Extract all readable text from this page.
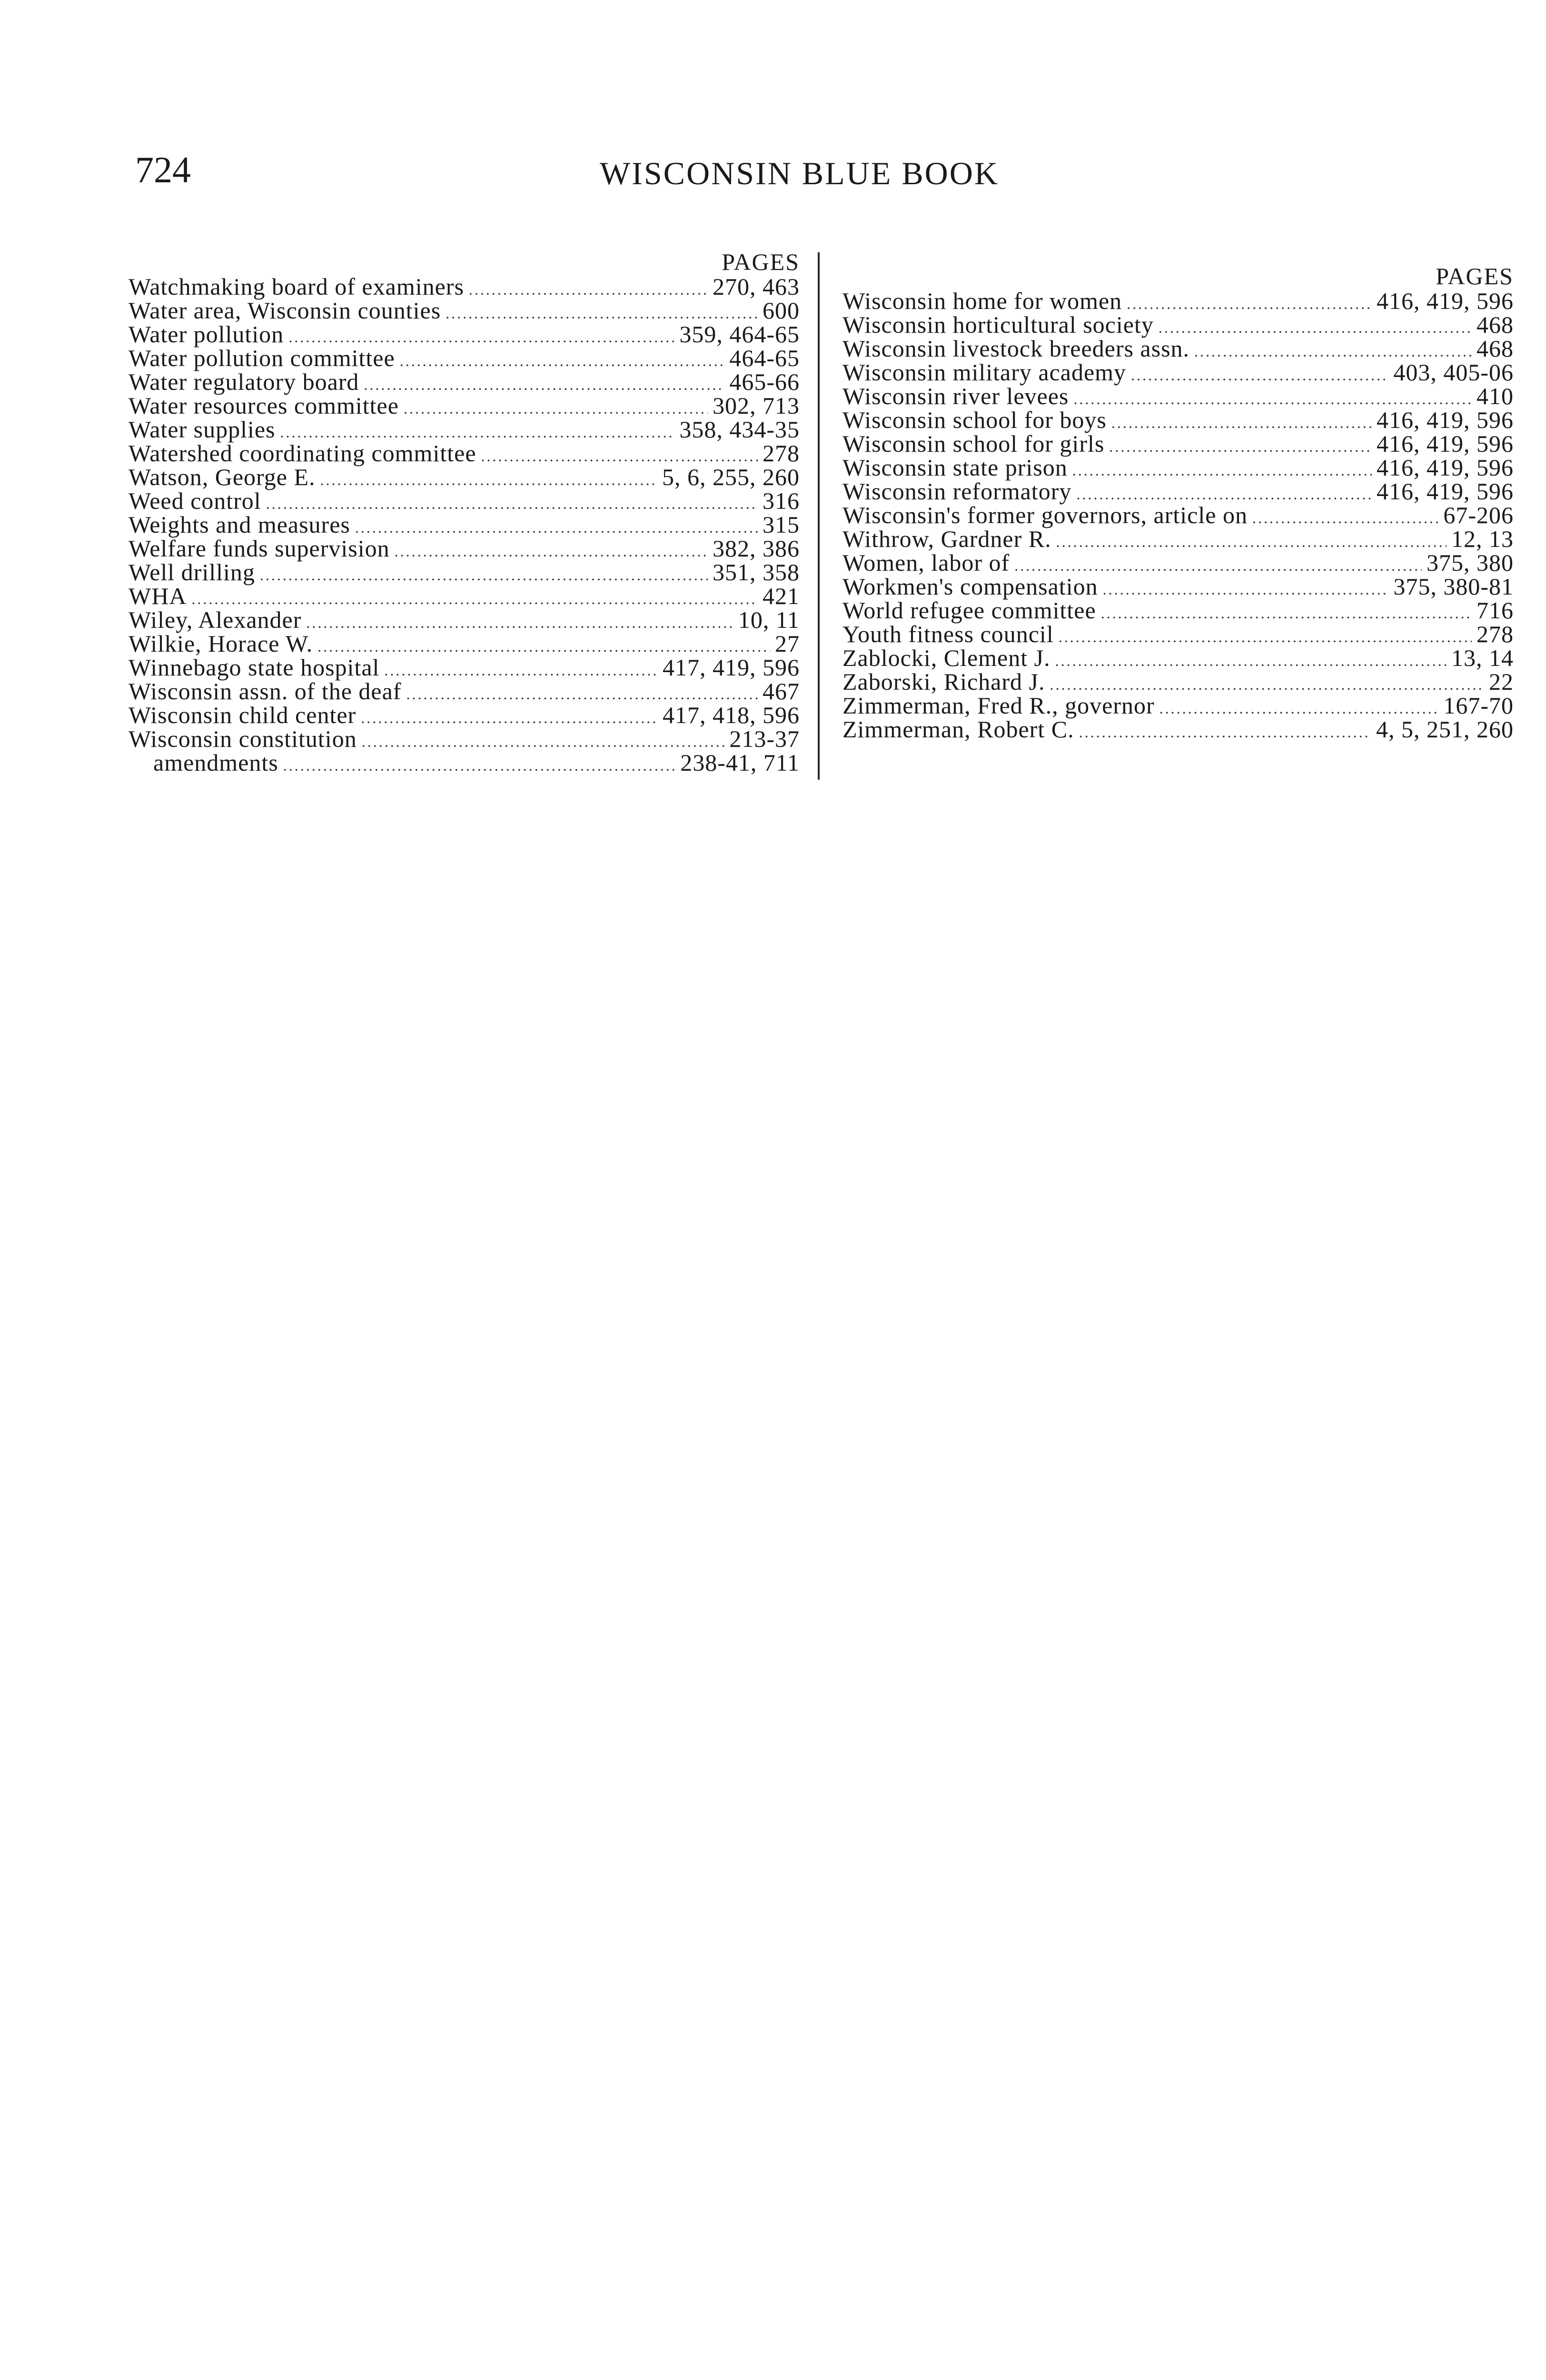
724	WISCONSIN BLUE BOOK
PAGES
Watchmaking board of examiners .....	270, 463
Water area, Wisconsin counties .....	600
Water pollution .....	359, 464-65
Water pollution committee .....	464-65
Water regulatory board .....	465-66
Water resources committee .....	302, 713
Water supplies .....	358, 434-35
Watershed coordinating committee .....	278
Watson, George E. .....	5, 6, 255, 260
Weed control .....	316
Weights and measures .....	315
Welfare funds supervision .....	382, 386
Well drilling .....	351, 358
WHA .....	421
Wiley, Alexander .....	10, 11
Wilkie, Horace W. .....	27
Winnebago state hospital .....	417, 419, 596
Wisconsin assn. of the deaf .....	467
Wisconsin child center .....	417, 418, 596
Wisconsin constitution .....	213-37
amendments .....	238-41, 711
PAGES
Wisconsin home for women .....	416, 419, 596
Wisconsin horticultural society .....	468
Wisconsin livestock breeders assn. .....	468
Wisconsin military academy .....	403, 405-06
Wisconsin river levees .....	410
Wisconsin school for boys .....	416, 419, 596
Wisconsin school for girls .....	416, 419, 596
Wisconsin state prison .....	416, 419, 596
Wisconsin reformatory .....	416, 419, 596
Wisconsin's former governors, article on .....	67-206
Withrow, Gardner R. .....	12, 13
Women, labor of .....	375, 380
Workmen's compensation .....	375, 380-81
World refugee committee .....	716
Youth fitness council .....	278
Zablocki, Clement J. .....	13, 14
Zaborski, Richard J. .....	22
Zimmerman, Fred R., governor .....	167-70
Zimmerman, Robert C. .....	4, 5, 251, 260
